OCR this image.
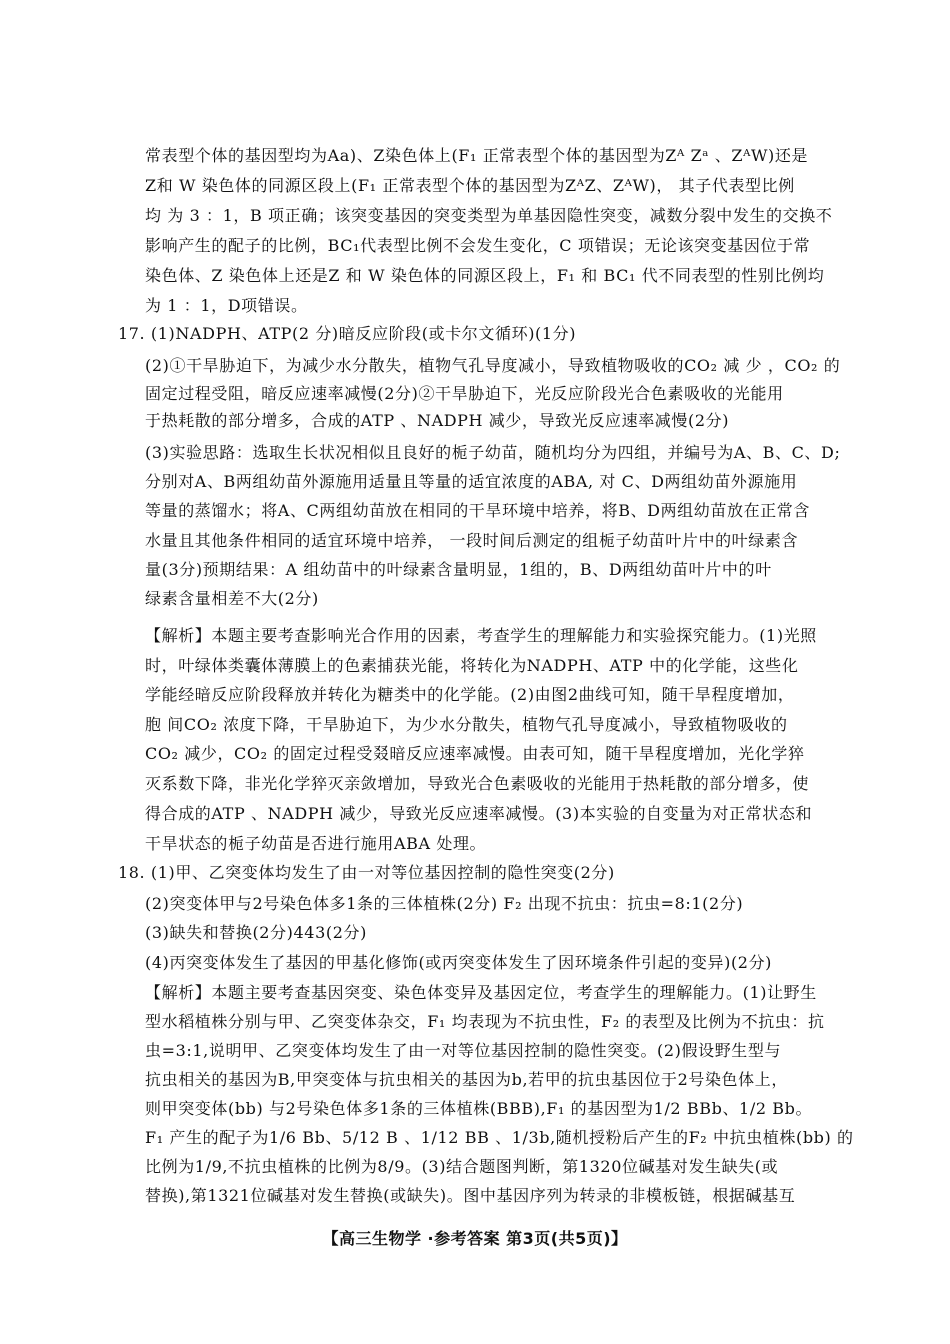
常表型个体的基因型均为Aa)、Z染色体上(F₁ 正常表型个体的基因型为Zᴬ Zᵃ 、ZᴬW)还是
Z和 W 染色体的同源区段上(F₁ 正常表型个体的基因型为ZᴬZ、ZᴬW)， 其子代表型比例
均 为 3 ：1，B 项正确；该突变基因的突变类型为单基因隐性突变，减数分裂中发生的交换不
影响产生的配子的比例，BC₁代表型比例不会发生变化，C 项错误；无论该突变基因位于常
染色体、Z 染色体上还是Z 和 W 染色体的同源区段上，F₁ 和 BC₁ 代不同表型的性别比例均
为 1 ：1，D项错误。
17. (1)NADPH、ATP(2 分)暗反应阶段(或卡尔文循环)(1分)
(2)①干旱胁迫下，为减少水分散失，植物气孔导度减小，导致植物吸收的CO₂ 减 少 ，CO₂ 的
固定过程受阻，暗反应速率减慢(2分)②干旱胁迫下，光反应阶段光合色素吸收的光能用
于热耗散的部分增多，合成的ATP 、NADPH 减少，导致光反应速率减慢(2分)
(3)实验思路：选取生长状况相似且良好的栀子幼苗，随机均分为四组，并编号为A、B、C、D;
分别对A、B两组幼苗外源施用适量且等量的适宜浓度的ABA, 对 C、D两组幼苗外源施用
等量的蒸馏水；将A、C两组幼苗放在相同的干旱环境中培养，将B、D两组幼苗放在正常含
水量且其他条件相同的适宜环境中培养， 一段时间后测定的组栀子幼苗叶片中的叶绿素含
量(3分)预期结果：A 组幼苗中的叶绿素含量明显，1组的，B、D两组幼苗叶片中的叶
绿素含量相差不大(2分)
【解析】本题主要考查影响光合作用的因素，考查学生的理解能力和实验探究能力。(1)光照
时，叶绿体类囊体薄膜上的色素捕获光能，将转化为NADPH、ATP 中的化学能，这些化
学能经暗反应阶段释放并转化为糖类中的化学能。(2)由图2曲线可知，随干旱程度增加，
胞 间CO₂ 浓度下降，干旱胁迫下，为少水分散失，植物气孔导度减小，导致植物吸收的
CO₂ 减少，CO₂ 的固定过程受叕暗反应速率减慢。由表可知，随干旱程度增加，光化学猝
灭系数下降，非光化学猝灭亲敛增加，导致光合色素吸收的光能用于热耗散的部分增多，使
得合成的ATP 、NADPH 减少，导致光反应速率减慢。(3)本实验的自变量为对正常状态和
干旱状态的栀子幼苗是否进行施用ABA 处理。
18. (1)甲、乙突变体均发生了由一对等位基因控制的隐性突变(2分)
(2)突变体甲与2号染色体多1条的三体植株(2分) F₂ 出现不抗虫：抗虫=8:1(2分)
(3)缺失和替换(2分)443(2分)
(4)丙突变体发生了基因的甲基化修饰(或丙突变体发生了因环境条件引起的变异)(2分)
【解析】本题主要考查基因突变、染色体变异及基因定位，考查学生的理解能力。(1)让野生
型水稻植株分别与甲、乙突变体杂交，F₁ 均表现为不抗虫性，F₂ 的表型及比例为不抗虫：抗
虫=3:1,说明甲、乙突变体均发生了由一对等位基因控制的隐性突变。(2)假设野生型与
抗虫相关的基因为B,甲突变体与抗虫相关的基因为b,若甲的抗虫基因位于2号染色体上，
则甲突变体(bb) 与2号染色体多1条的三体植株(BBB),F₁ 的基因型为1/2 BBb、1/2 Bb。
F₁ 产生的配子为1/6 Bb、5/12 B 、1/12 BB 、1/3b,随机授粉后产生的F₂ 中抗虫植株(bb) 的
比例为1/9,不抗虫植株的比例为8/9。(3)结合题图判断，第1320位碱基对发生缺失(或
替换),第1321位碱基对发生替换(或缺失)。图中基因序列为转录的非模板链，根据碱基互
【高三生物学 ·参考答案 第3页(共5页)】
